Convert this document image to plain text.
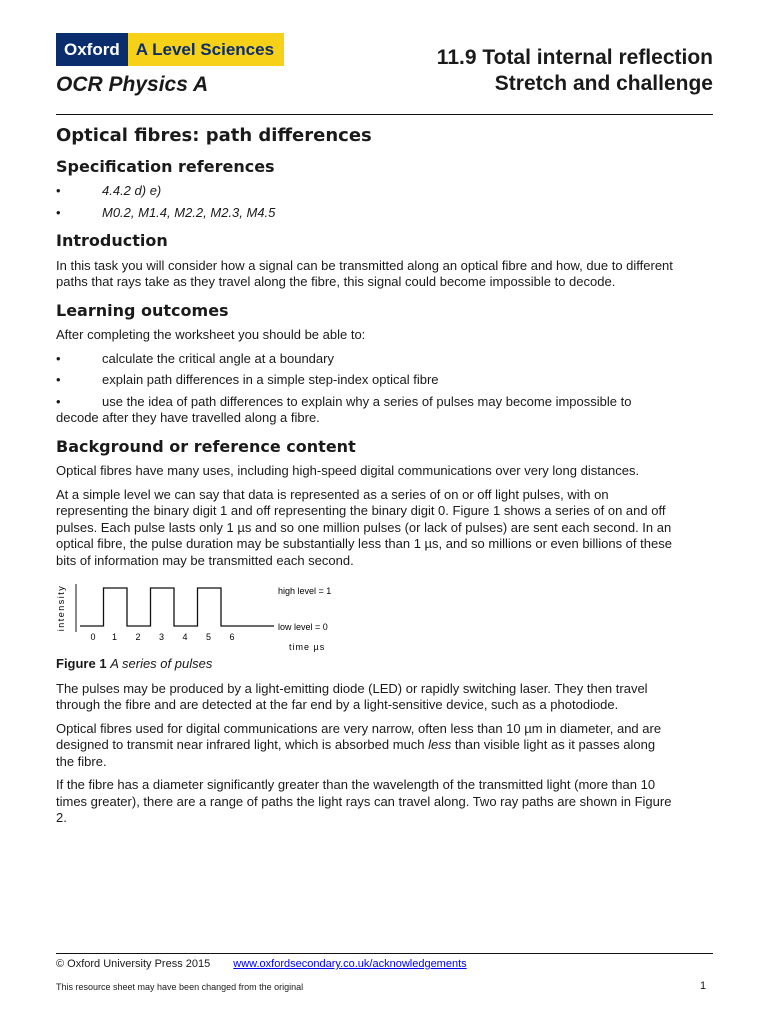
Oxford A Level Sciences
OCR Physics A
11.9 Total internal reflection
Stretch and challenge
Optical fibres: path differences
Specification references
• 4.4.2 d) e)
• M0.2, M1.4, M2.2, M2.3, M4.5
Introduction

In this task you will consider how a signal can be transmitted along an optical fibre and how, due to different paths that rays take as they travel along the fibre, this signal could become impossible to decode.

Learning outcomes

After completing the worksheet you should be able to:

• calculate the critical angle at a boundary
• explain path differences in a simple step-index optical fibre
• use the idea of path differences to explain why a series of pulses may become impossible to decode after they have travelled along a fibre.
Background or reference content

Optical fibres have many uses, including high-speed digital communications over very long distances.

At a simple level we can say that data is represented as a series of on or off light pulses, with on representing the binary digit 1 and off representing the binary digit 0. Figure 1 shows a series of on and off pulses. Each pulse lasts only 1 µs and so one million pulses (or lack of pulses) are sent each second. In an optical fibre, the pulse duration may be substantially less than 1 µs, and so millions or even billions of these bits of information may be transmitted each second.

intensity	high level = 1
low level = 0
0 1 2 3 4 5 6
time µs

Figure 1 A series of pulses

The pulses may be produced by a light-emitting diode (LED) or rapidly switching laser. They then travel through the fibre and are detected at the far end by a light-sensitive device, such as a photodiode.

Optical fibres used for digital communications are very narrow, often less than 10 µm in diameter, and are designed to transmit near infrared light, which is absorbed much less than visible light as it passes along the fibre.

If the fibre has a diameter significantly greater than the wavelength of the transmitted light (more than 10 times greater), there are a range of paths the light rays can travel along. Two ray paths are shown in Figure 2.

© Oxford University Press 2015 www.oxfordsecondary.co.uk/acknowledgements
This resource sheet may have been changed from the original	1
